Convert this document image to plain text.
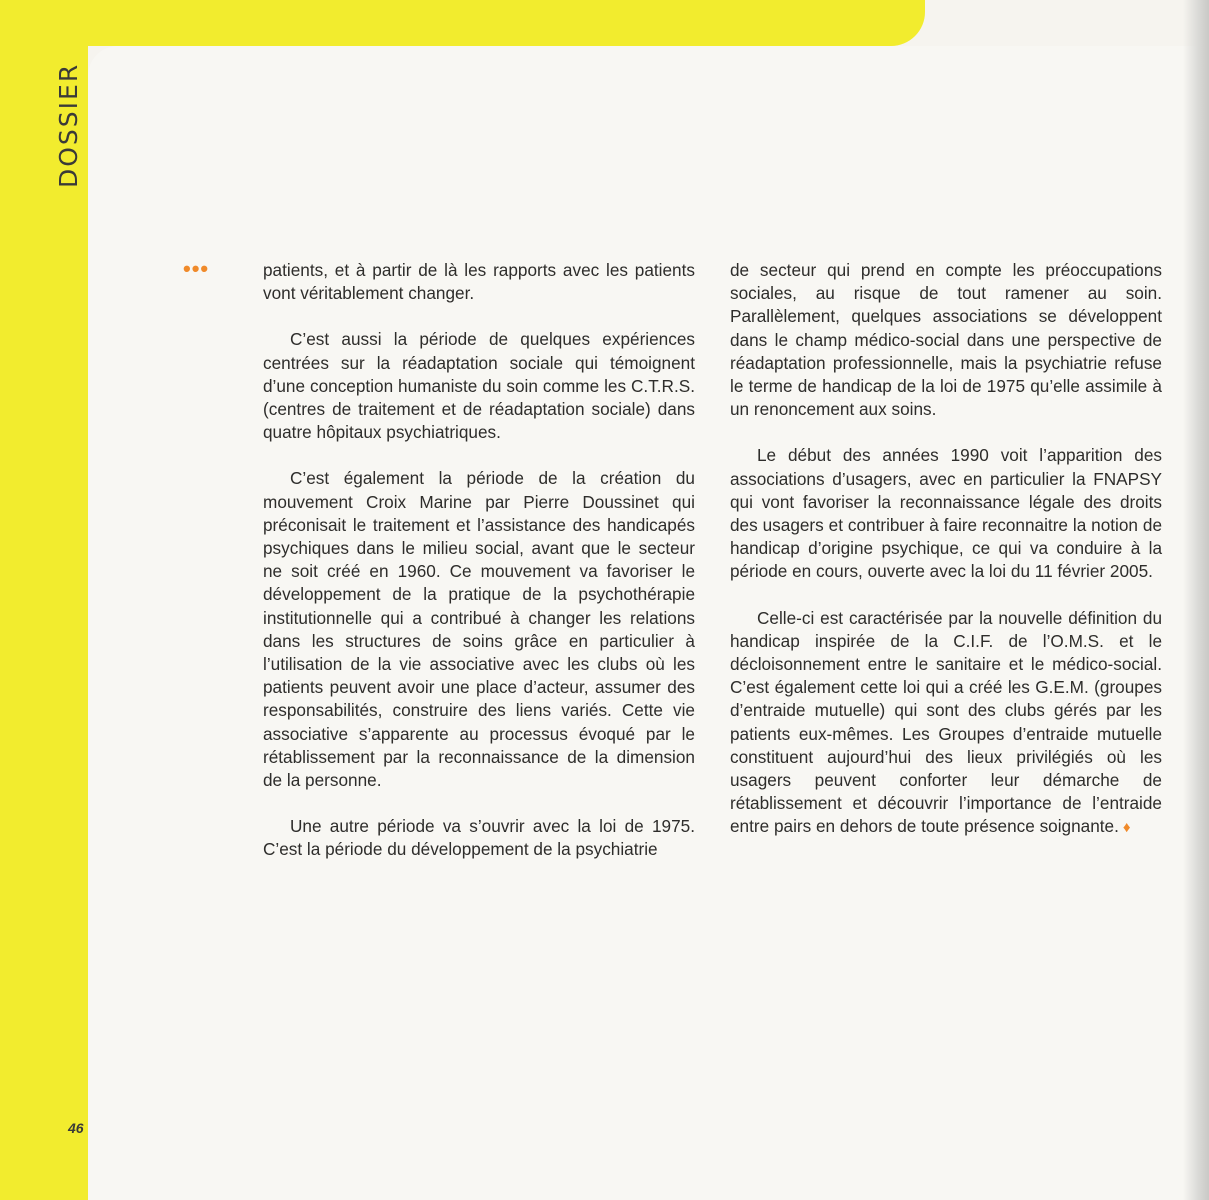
DOSSIER
•••	patients, et à partir de là les rapports avec les patients vont véritablement changer.

C’est aussi la période de quelques expériences centrées sur la réadaptation sociale qui témoignent d’une conception humaniste du soin comme les C.T.R.S. (centres de traitement et de réadaptation sociale) dans quatre hôpitaux psychiatriques.

C’est également la période de la création du mouvement Croix Marine par Pierre Doussinet qui préconisait le traitement et l’assistance des handicapés psychiques dans le milieu social, avant que le secteur ne soit créé en 1960. Ce mouvement va favoriser le développement de la pratique de la psychothérapie institutionnelle qui a contribué à changer les relations dans les structures de soins grâce en particulier à l’utilisation de la vie associative avec les clubs où les patients peuvent avoir une place d’acteur, assumer des responsabilités, construire des liens variés. Cette vie associative s’apparente au processus évoqué par le rétablissement par la reconnaissance de la dimension de la personne.

Une autre période va s’ouvrir avec la loi de 1975. C’est la période du développement de la psychiatrie

de secteur qui prend en compte les préoccupations sociales, au risque de tout ramener au soin. Parallèlement, quelques associations se développent dans le champ médico-social dans une perspective de réadaptation professionnelle, mais la psychiatrie refuse le terme de handicap de la loi de 1975 qu’elle assimile à un renoncement aux soins.

Le début des années 1990 voit l’apparition des associations d’usagers, avec en particulier la FNAPSY qui vont favoriser la reconnaissance légale des droits des usagers et contribuer à faire reconnaitre la notion de handicap d’origine psychique, ce qui va conduire à la période en cours, ouverte avec la loi du 11 février 2005.

Celle-ci est caractérisée par la nouvelle définition du handicap inspirée de la C.I.F. de l’O.M.S. et le décloisonnement entre le sanitaire et le médico-social. C’est également cette loi qui a créé les G.E.M. (groupes d’entraide mutuelle) qui sont des clubs gérés par les patients eux-mêmes. Les Groupes d’entraide mutuelle constituent aujourd’hui des lieux privilégiés où les usagers peuvent conforter leur démarche de rétablissement et découvrir l’importance de l’entraide entre pairs en dehors de toute présence soignante. ♦

46
